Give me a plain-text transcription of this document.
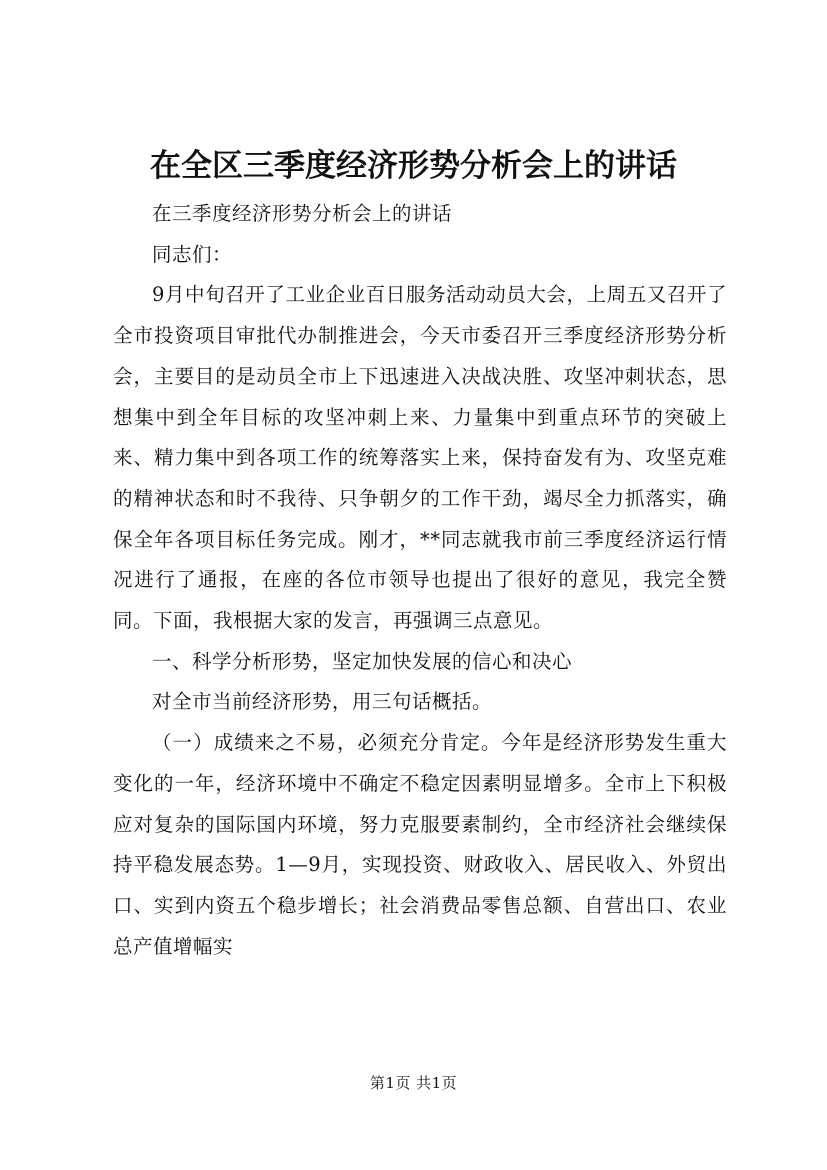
在全区三季度经济形势分析会上的讲话

在三季度经济形势分析会上的讲话

同志们：

9月中旬召开了工业企业百日服务活动动员大会，上周五又召开了全市投资项目审批代办制推进会，今天市委召开三季度经济形势分析会，主要目的是动员全市上下迅速进入决战决胜、攻坚冲刺状态，思想集中到全年目标的攻坚冲刺上来、力量集中到重点环节的突破上来、精力集中到各项工作的统筹落实上来，保持奋发有为、攻坚克难的精神状态和时不我待、只争朝夕的工作干劲，竭尽全力抓落实，确保全年各项目标任务完成。刚才，**同志就我市前三季度经济运行情况进行了通报，在座的各位市领导也提出了很好的意见，我完全赞同。下面，我根据大家的发言，再强调三点意见。

一、科学分析形势，坚定加快发展的信心和决心

对全市当前经济形势，用三句话概括。

（一）成绩来之不易，必须充分肯定。今年是经济形势发生重大变化的一年，经济环境中不确定不稳定因素明显增多。全市上下积极应对复杂的国际国内环境，努力克服要素制约，全市经济社会继续保持平稳发展态势。1—9月，实现投资、财政收入、居民收入、外贸出口、实到内资五个稳步增长；社会消费品零售总额、自营出口、农业总产值增幅实

第1页 共1页
